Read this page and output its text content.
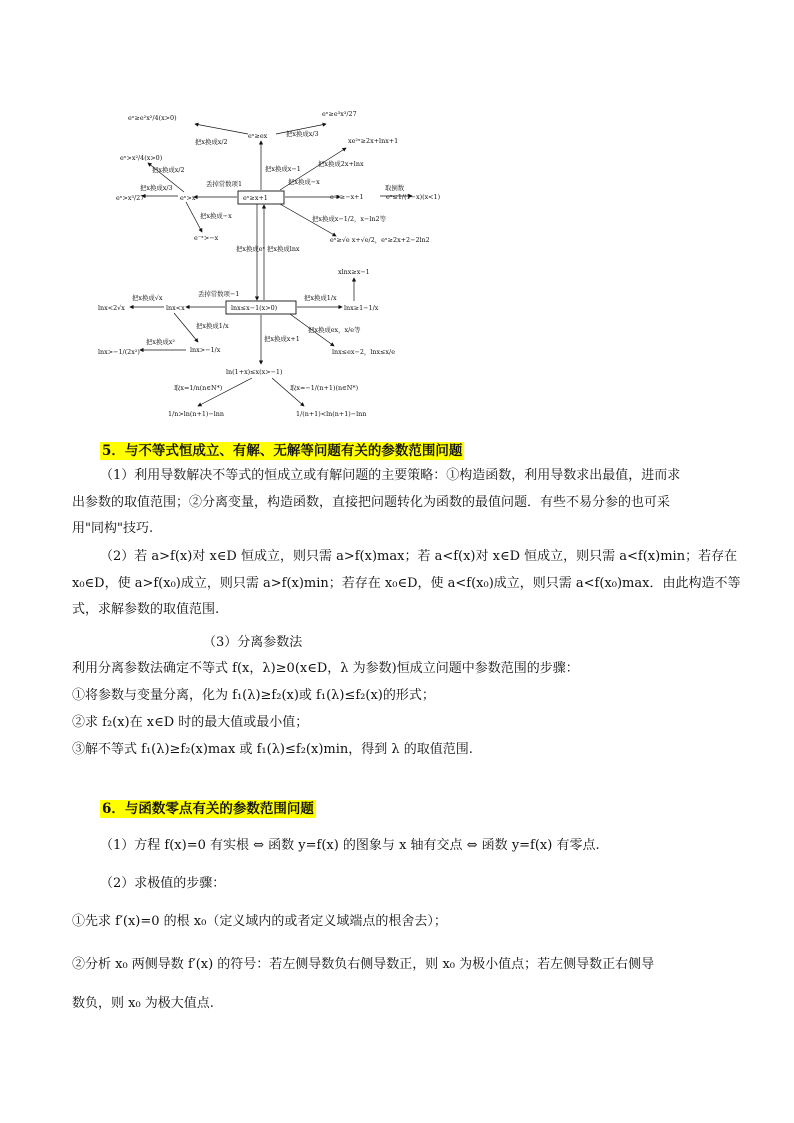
eˣ≥x+1
lnx≤x−1(x>0)
把x换成eˣ 把x换成lnx
把x换成x−1
eˣ≥ex
把x换成x/2
eˣ≥e²x²/4(x>0)
把x换成x/3
eˣ≥e³x³/27
把x换成2x+lnx
xe²ˣ≥2x+lnx+1
把x换成−x
e⁻ˣ≥−x+1
取倒数
eˣ≤1/(1−x)(x<1)
把x换成x−1/2，x−ln2等
eˣ≥√e x+√e/2，eˣ≥2x+2−2ln2
丢掉常数项1
eˣ>x
把x换成x/2
eˣ>x²/4(x>0)
把x换成x/3
eˣ>x³/27
把x换成−x
e⁻ˣ>−x
丢掉常数项−1
lnx<x
把x换成√x
lnx<2√x
把x换成1/x
lnx>−1/x
把x换成x²
lnx>−1/(2x²)
把x换成1/x
lnx≥1−1/x
xlnx≥x−1
把x换成ex，x/e等
lnx≤ex−2，lnx≤x/e
把x换成x+1
ln(1+x)≤x(x>−1)
取x=1/n(n∈N*)
1/n>ln(n+1)−lnn
取x=−1/(n+1)(n∈N*)
1/(n+1)<ln(n+1)−lnn
5．与不等式恒成立、有解、无解等问题有关的参数范围问题
（1）利用导数解决不等式的恒成立或有解问题的主要策略：①构造函数，利用导数求出最值，进而求
出参数的取值范围；②分离变量，构造函数，直接把问题转化为函数的最值问题．有些不易分参的也可采
用"同构"技巧.
（2）若 a>f(x)对 x∈D 恒成立，则只需 a>f(x)max；若 a<f(x)对 x∈D 恒成立，则只需 a<f(x)min；若存在
x₀∈D，使 a>f(x₀)成立，则只需 a>f(x)min；若存在 x₀∈D，使 a<f(x₀)成立，则只需 a<f(x₀)max．由此构造不等
式，求解参数的取值范围.
（3）分离参数法
利用分离参数法确定不等式 f(x，λ)≥0(x∈D，λ 为参数)恒成立问题中参数范围的步骤：
①将参数与变量分离，化为 f₁(λ)≥f₂(x)或 f₁(λ)≤f₂(x)的形式；
②求 f₂(x)在 x∈D 时的最大值或最小值；
③解不等式 f₁(λ)≥f₂(x)max 或 f₁(λ)≤f₂(x)min，得到 λ 的取值范围.
6．与函数零点有关的参数范围问题
（1）方程 f(x)=0 有实根 ⇔ 函数 y=f(x) 的图象与 x 轴有交点 ⇔ 函数 y=f(x) 有零点.
（2）求极值的步骤：
①先求 f′(x)=0 的根 x₀（定义域内的或者定义域端点的根舍去）；
②分析 x₀ 两侧导数 f′(x) 的符号：若左侧导数负右侧导数正，则 x₀ 为极小值点；若左侧导数正右侧导
数负，则 x₀ 为极大值点.
